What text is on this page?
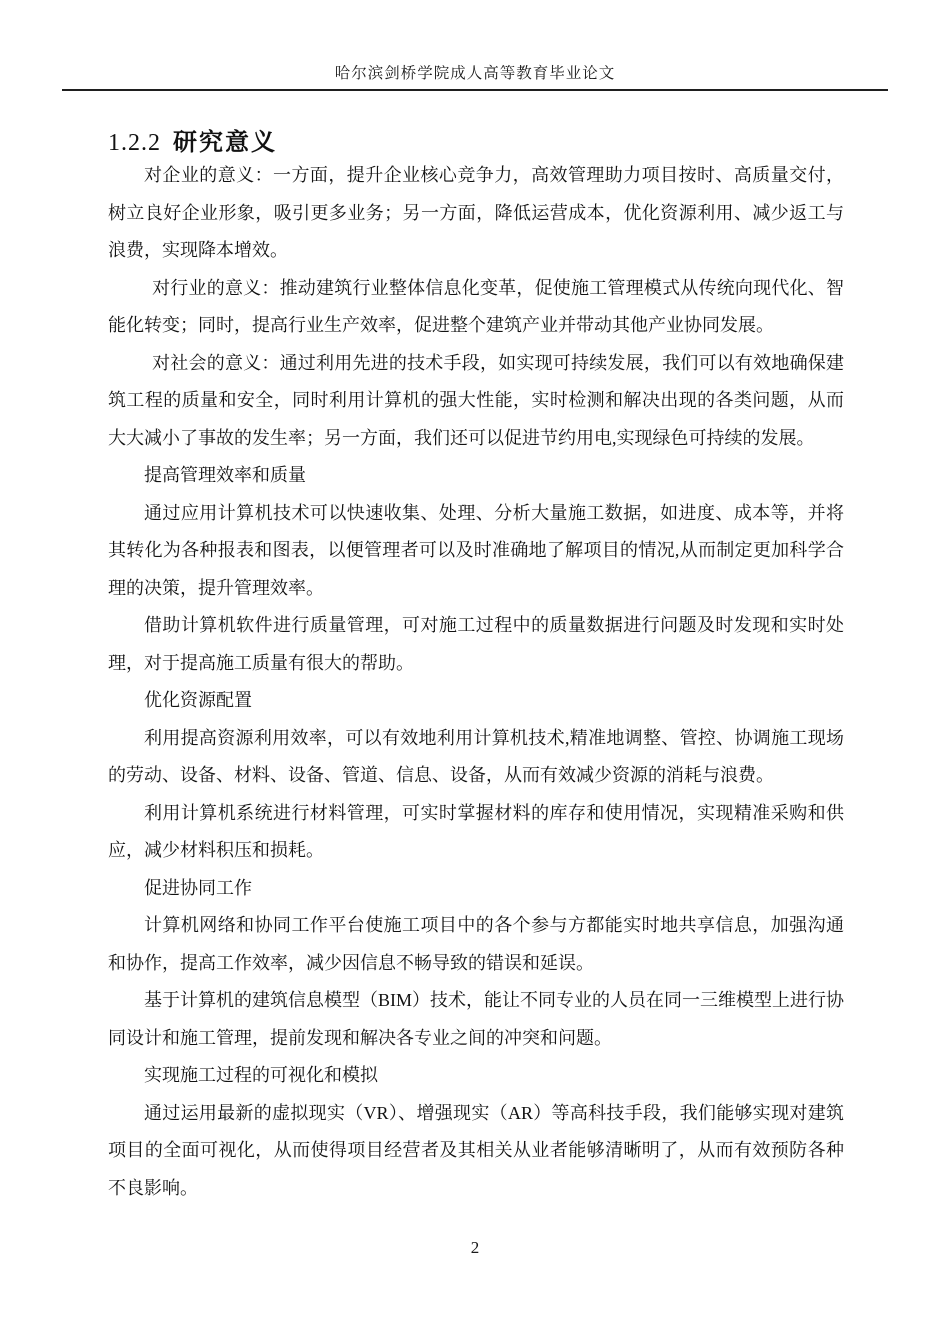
哈尔滨剑桥学院成人高等教育毕业论文
1.2.2 研究意义

对企业的意义：一方面，提升企业核心竞争力，高效管理助力项目按时、高质量交付，树立良好企业形象，吸引更多业务；另一方面，降低运营成本，优化资源利用、减少返工与浪费，实现降本增效。

对行业的意义：推动建筑行业整体信息化变革，促使施工管理模式从传统向现代化、智能化转变；同时，提高行业生产效率，促进整个建筑产业并带动其他产业协同发展。

对社会的意义：通过利用先进的技术手段，如实现可持续发展，我们可以有效地确保建筑工程的质量和安全，同时利用计算机的强大性能，实时检测和解决出现的各类问题，从而大大减小了事故的发生率；另一方面，我们还可以促进节约用电,实现绿色可持续的发展。

提高管理效率和质量

通过应用计算机技术可以快速收集、处理、分析大量施工数据，如进度、成本等，并将其转化为各种报表和图表，以便管理者可以及时准确地了解项目的情况,从而制定更加科学合理的决策，提升管理效率。

借助计算机软件进行质量管理，可对施工过程中的质量数据进行问题及时发现和实时处理，对于提高施工质量有很大的帮助。

优化资源配置

利用提高资源利用效率，可以有效地利用计算机技术,精准地调整、管控、协调施工现场的劳动、设备、材料、设备、管道、信息、设备，从而有效减少资源的消耗与浪费。

利用计算机系统进行材料管理，可实时掌握材料的库存和使用情况，实现精准采购和供应，减少材料积压和损耗。

促进协同工作

计算机网络和协同工作平台使施工项目中的各个参与方都能实时地共享信息，加强沟通和协作，提高工作效率，减少因信息不畅导致的错误和延误。

基于计算机的建筑信息模型（BIM）技术，能让不同专业的人员在同一三维模型上进行协同设计和施工管理，提前发现和解决各专业之间的冲突和问题。

实现施工过程的可视化和模拟

通过运用最新的虚拟现实（VR）、增强现实（AR）等高科技手段，我们能够实现对建筑项目的全面可视化，从而使得项目经营者及其相关从业者能够清晰明了，从而有效预防各种不良影响。

2
